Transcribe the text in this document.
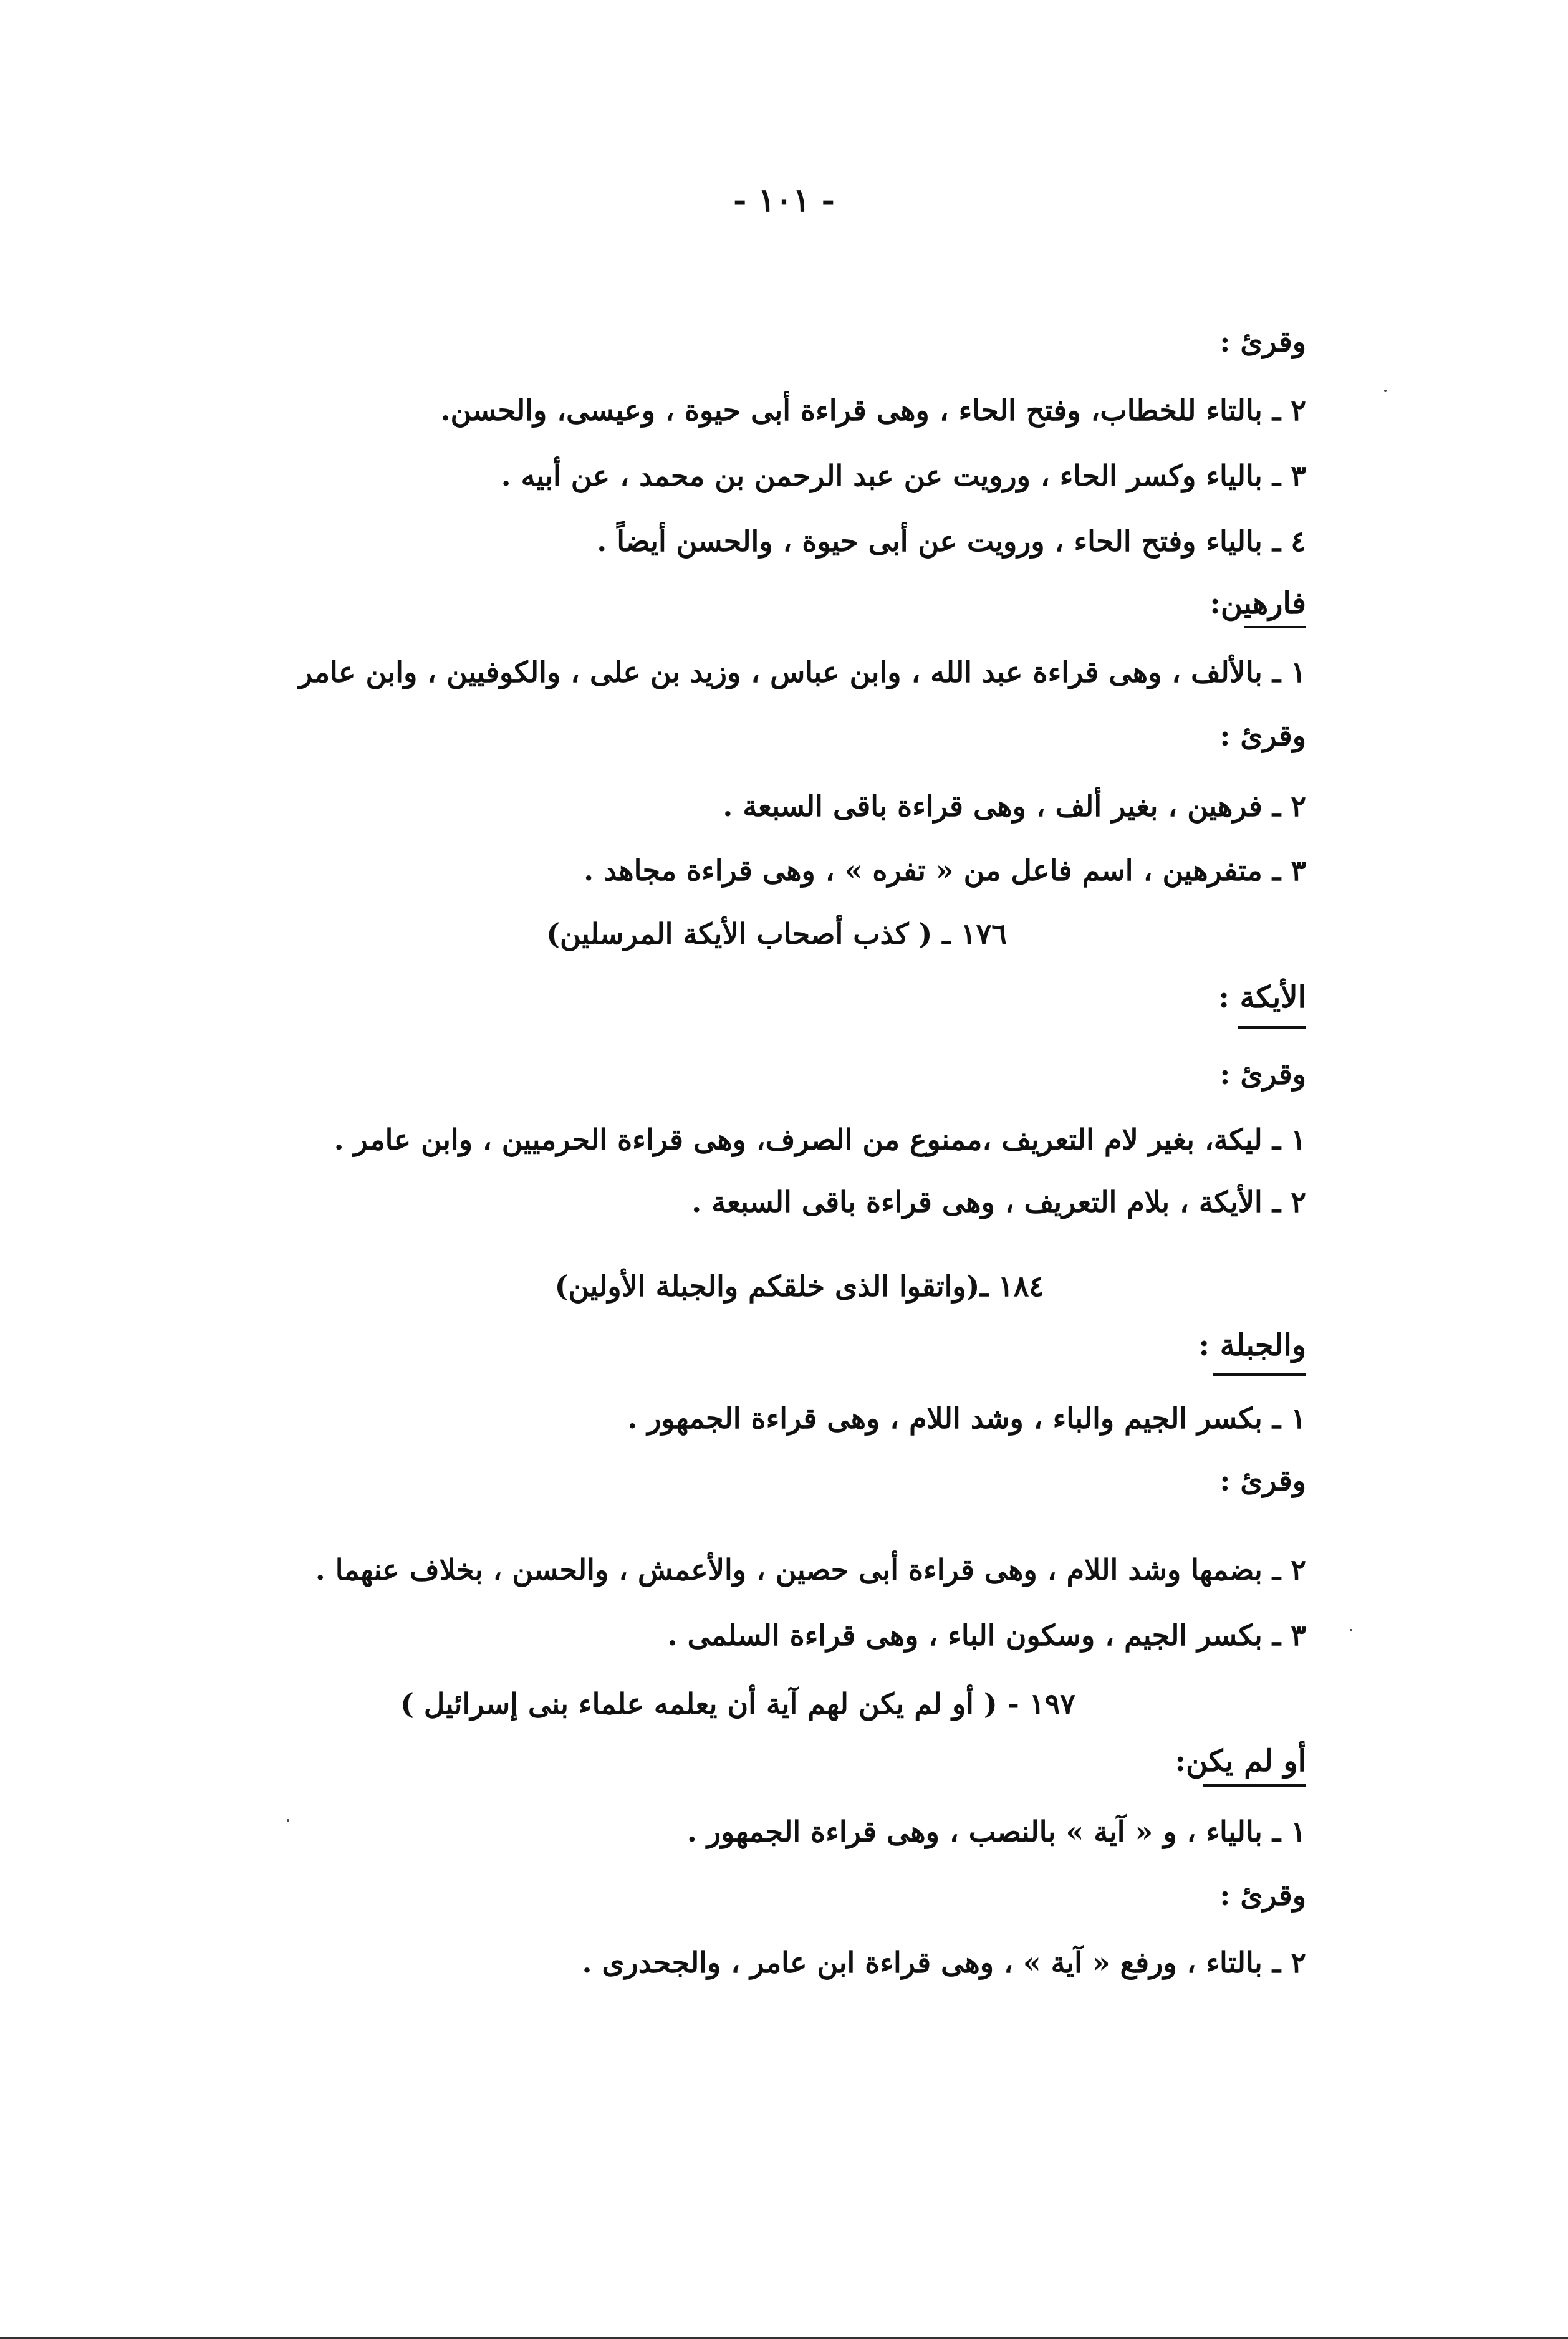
- ١٠١ -

وقرئ :

٢ ـ بالتاء للخطاب، وفتح الحاء ، وهى قراءة أبى حيوة ، وعيسى، والحسن.

٣ ـ بالياء وكسر الحاء ، ورويت عن عبد الرحمن بن محمد ، عن أبيه .

٤ ـ بالياء وفتح الحاء ، ورويت عن أبى حيوة ، والحسن أيضاً .

فارهين:

١ ـ بالألف ، وهى قراءة عبد الله ، وابن عباس ، وزيد بن على ، والكوفيين ، وابن عامر

وقرئ :

٢ ـ فرهين ، بغير ألف ، وهى قراءة باقى السبعة .

٣ ـ متفرهين ، اسم فاعل من « تفره » ، وهى قراءة مجاهد .

١٧٦ ـ ( كذب أصحاب الأيكة المرسلين)

الأيكة :

وقرئ :

١ ـ ليكة، بغير لام التعريف ،ممنوع من الصرف، وهى قراءة الحرميين ، وابن عامر .

٢ ـ الأيكة ، بلام التعريف ، وهى قراءة باقى السبعة .

١٨٤ ـ(واتقوا الذى خلقكم والجبلة الأولين)

والجبلة :

١ ـ بكسر الجيم والباء ، وشد اللام ، وهى قراءة الجمهور .

وقرئ :

٢ ـ بضمها وشد اللام ، وهى قراءة أبى حصين ، والأعمش ، والحسن ، بخلاف عنهما .

٣ ـ بكسر الجيم ، وسكون الباء ، وهى قراءة السلمى .

١٩٧ - ( أو لم يكن لهم آية أن يعلمه علماء بنى إسرائيل )

أو لم يكن:

١ ـ بالياء ، و « آية » بالنصب ، وهى قراءة الجمهور .

وقرئ :

٢ ـ بالتاء ، ورفع « آية » ، وهى قراءة ابن عامر ، والجحدرى .
